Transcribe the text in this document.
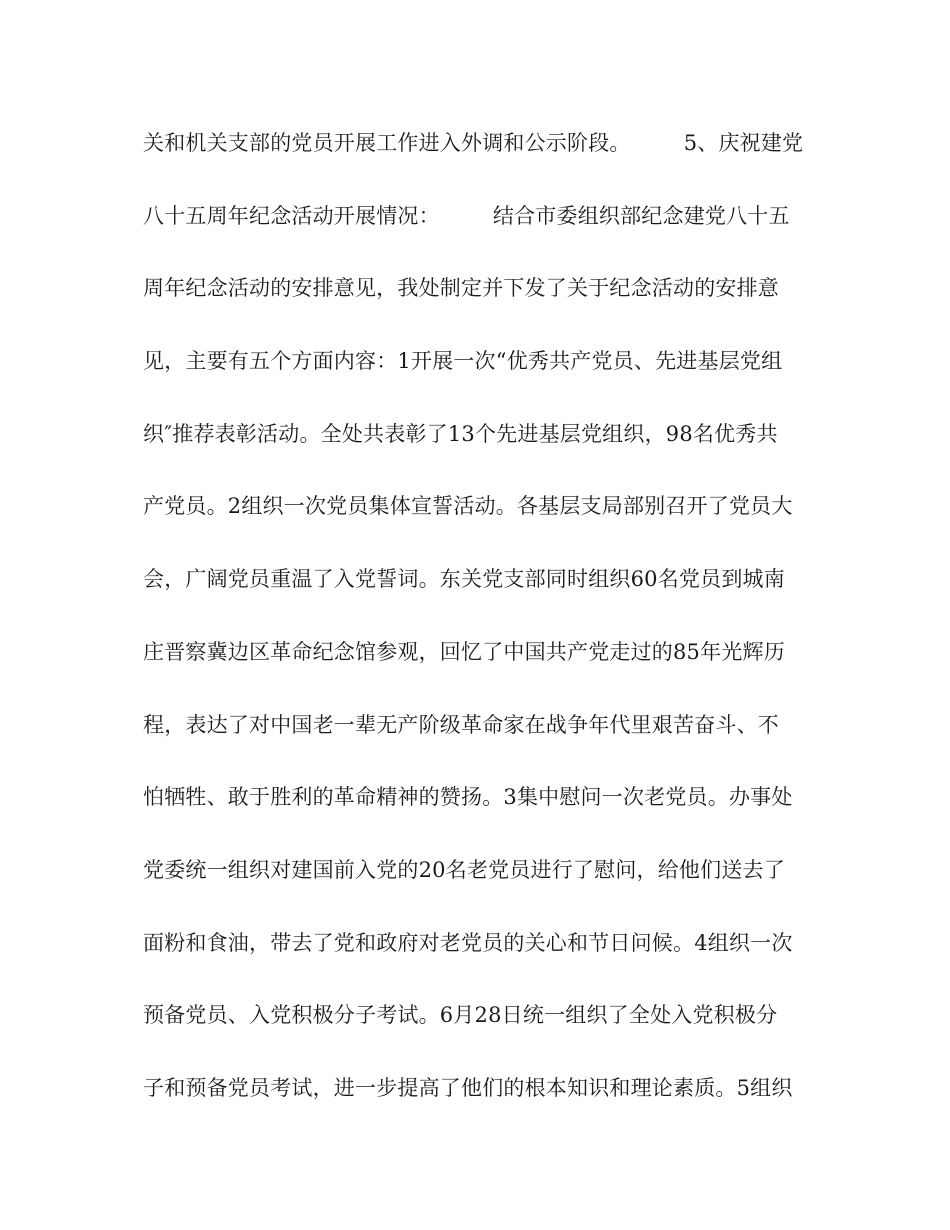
关和机关支部的党员开展工作进入外调和公示阶段。　　　5、庆祝建党
八十五周年纪念活动开展情况：　　　结合市委组织部纪念建党八十五
周年纪念活动的安排意见，我处制定并下发了关于纪念活动的安排意
见，主要有五个方面内容：1开展一次“优秀共产党员、先进基层党组
织″推荐表彰活动。全处共表彰了13个先进基层党组织，98名优秀共
产党员。2组织一次党员集体宣誓活动。各基层支局部别召开了党员大
会，广阔党员重温了入党誓词。东关党支部同时组织60名党员到城南
庄晋察冀边区革命纪念馆参观，回忆了中国共产党走过的85年光辉历
程，表达了对中国老一辈无产阶级革命家在战争年代里艰苦奋斗、不
怕牺牲、敢于胜利的革命精神的赞扬。3集中慰问一次老党员。办事处
党委统一组织对建国前入党的20名老党员进行了慰问，给他们送去了
面粉和食油，带去了党和政府对老党员的关心和节日问候。4组织一次
预备党员、入党积极分子考试。6月28日统一组织了全处入党积极分
子和预备党员考试，进一步提高了他们的根本知识和理论素质。5组织
